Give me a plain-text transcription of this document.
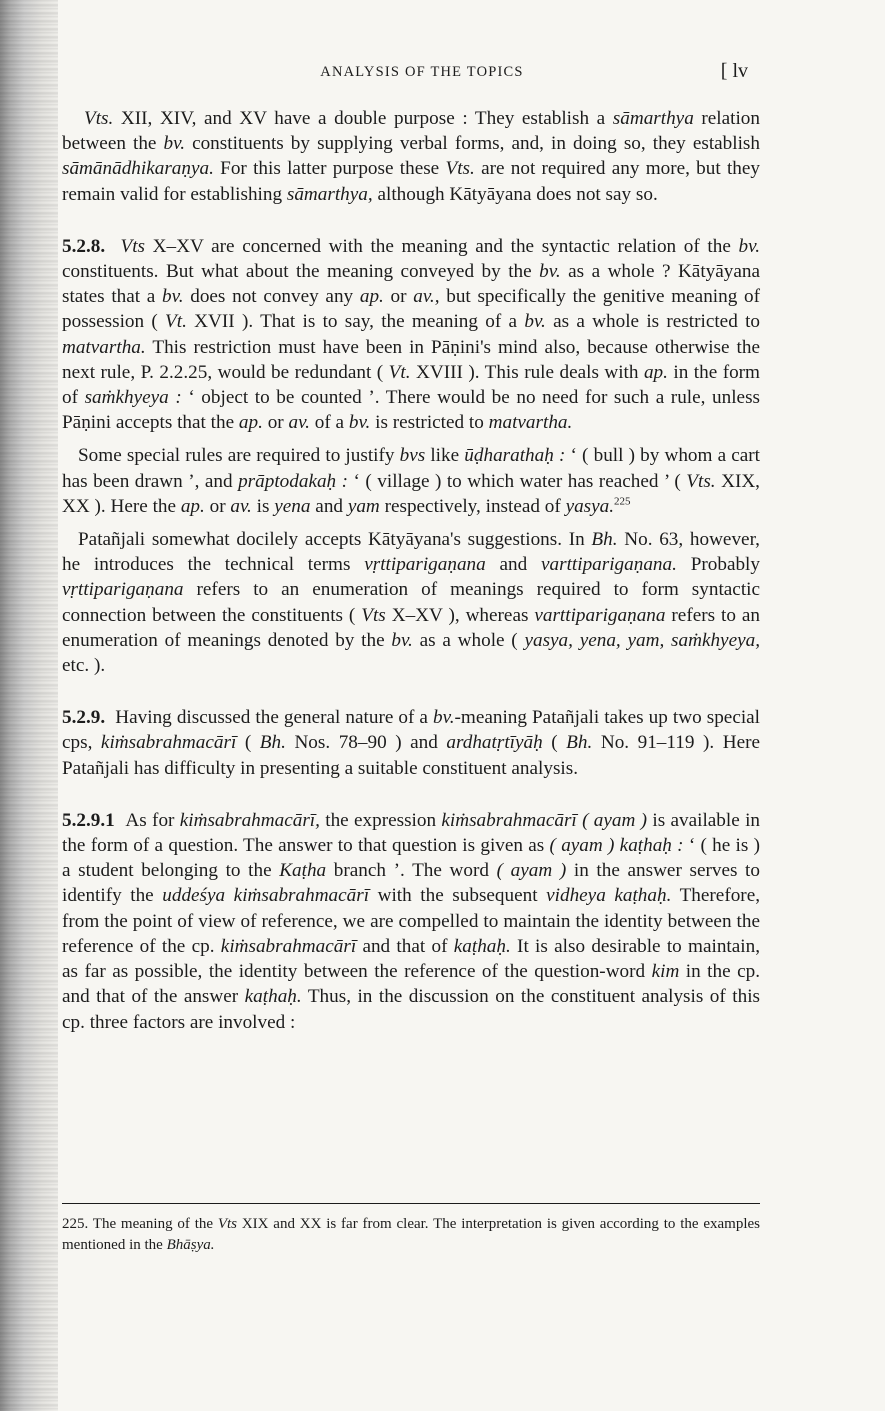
ANALYSIS OF THE TOPICS	[ lv

Vts. XII, XIV, and XV have a double purpose : They establish a sāmarthya relation between the bv. constituents by supplying verbal forms, and, in doing so, they establish sāmānādhikaraṇya. For this latter purpose these Vts. are not required any more, but they remain valid for establishing sāmarthya, although Kātyāyana does not say so.

5.2.8. Vts X–XV are concerned with the meaning and the syntactic relation of the bv. constituents. But what about the meaning conveyed by the bv. as a whole ? Kātyāyana states that a bv. does not convey any ap. or av., but specifically the genitive meaning of possession ( Vt. XVII ). That is to say, the meaning of a bv. as a whole is restricted to matvartha. This restriction must have been in Pāṇini's mind also, because otherwise the next rule, P. 2.2.25, would be redundant ( Vt. XVIII ). This rule deals with ap. in the form of saṁkhyeya : ‘ object to be counted ’. There would be no need for such a rule, unless Pāṇini accepts that the ap. or av. of a bv. is restricted to matvartha.

Some special rules are required to justify bvs like ūḍharathaḥ : ‘ ( bull ) by whom a cart has been drawn ’, and prāptodakaḥ : ‘ ( village ) to which water has reached ’ ( Vts. XIX, XX ). Here the ap. or av. is yena and yam respectively, instead of yasya.$^{225}$

Patañjali somewhat docilely accepts Kātyāyana's suggestions. In Bh. No. 63, however, he introduces the technical terms vṛttiparigaṇana and varttiparigaṇana. Probably vṛttiparigaṇana refers to an enumeration of meanings required to form syntactic connection between the constituents ( Vts X–XV ), whereas varttiparigaṇana refers to an enumeration of meanings denoted by the bv. as a whole ( yasya, yena, yam, saṁkhyeya, etc. ).

5.2.9. Having discussed the general nature of a bv.-meaning Patañjali takes up two special cps, kiṁsabrahmacārī ( Bh. Nos. 78–90 ) and ardhatṛtīyāḥ ( Bh. No. 91–119 ). Here Patañjali has difficulty in presenting a suitable constituent analysis.

5.2.9.1 As for kiṁsabrahmacārī, the expression kiṁsabrahmacārī ( ayam ) is available in the form of a question. The answer to that question is given as ( ayam ) kaṭhaḥ : ‘ ( he is ) a student belonging to the Kaṭha branch ’. The word ( ayam ) in the answer serves to identify the uddeśya kiṁsabrahmacārī with the subsequent vidheya kaṭhaḥ. Therefore, from the point of view of reference, we are compelled to maintain the identity between the reference of the cp. kiṁsabrahmacārī and that of kaṭhaḥ. It is also desirable to maintain, as far as possible, the identity between the reference of the question-word kim in the cp. and that of the answer kaṭhaḥ. Thus, in the discussion on the constituent analysis of this cp. three factors are involved :

225. The meaning of the Vts XIX and XX is far from clear. The interpretation is given according to the examples mentioned in the Bhāṣya.
